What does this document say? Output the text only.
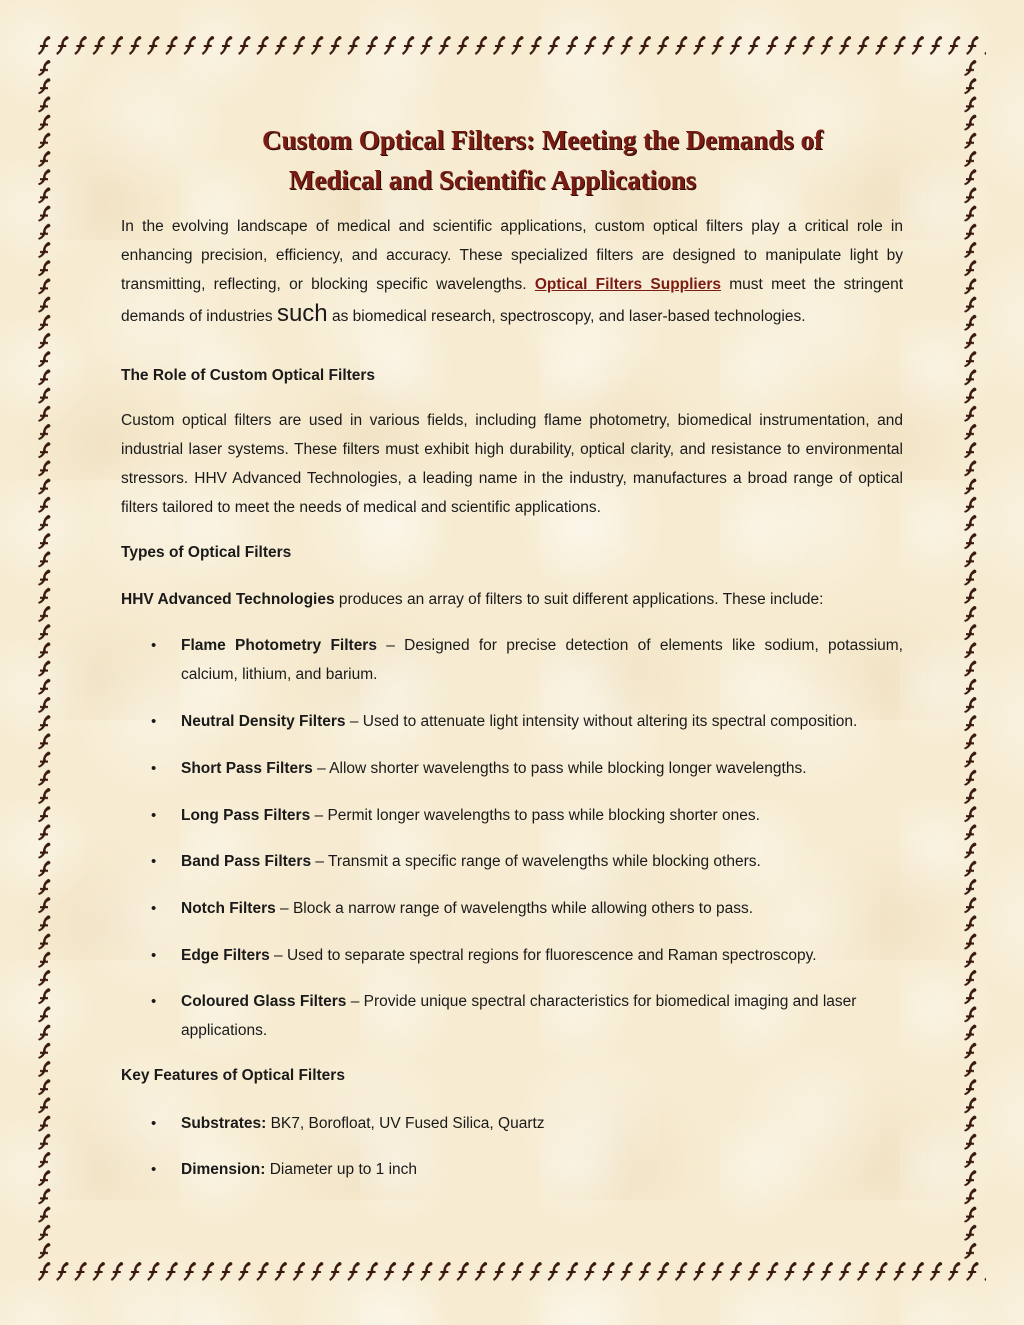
Custom Optical Filters: Meeting the Demands of
Medical and Scientific Applications

In the evolving landscape of medical and scientific applications, custom optical filters play a critical role in enhancing precision, efficiency, and accuracy. These specialized filters are designed to manipulate light by transmitting, reflecting, or blocking specific wavelengths. Optical Filters Suppliers must meet the stringent demands of industries such as biomedical research, spectroscopy, and laser-based technologies.

The Role of Custom Optical Filters

Custom optical filters are used in various fields, including flame photometry, biomedical instrumentation, and industrial laser systems. These filters must exhibit high durability, optical clarity, and resistance to environmental stressors. HHV Advanced Technologies, a leading name in the industry, manufactures a broad range of optical filters tailored to meet the needs of medical and scientific applications.

Types of Optical Filters

HHV Advanced Technologies produces an array of filters to suit different applications. These include:

• Flame Photometry Filters – Designed for precise detection of elements like sodium, potassium, calcium, lithium, and barium.
• Neutral Density Filters – Used to attenuate light intensity without altering its spectral composition.
• Short Pass Filters – Allow shorter wavelengths to pass while blocking longer wavelengths.
• Long Pass Filters – Permit longer wavelengths to pass while blocking shorter ones.
• Band Pass Filters – Transmit a specific range of wavelengths while blocking others.
• Notch Filters – Block a narrow range of wavelengths while allowing others to pass.
• Edge Filters – Used to separate spectral regions for fluorescence and Raman spectroscopy.
• Coloured Glass Filters – Provide unique spectral characteristics for biomedical imaging and laser applications.
Key Features of Optical Filters
• Substrates: BK7, Borofloat, UV Fused Silica, Quartz
• Dimension: Diameter up to 1 inch
